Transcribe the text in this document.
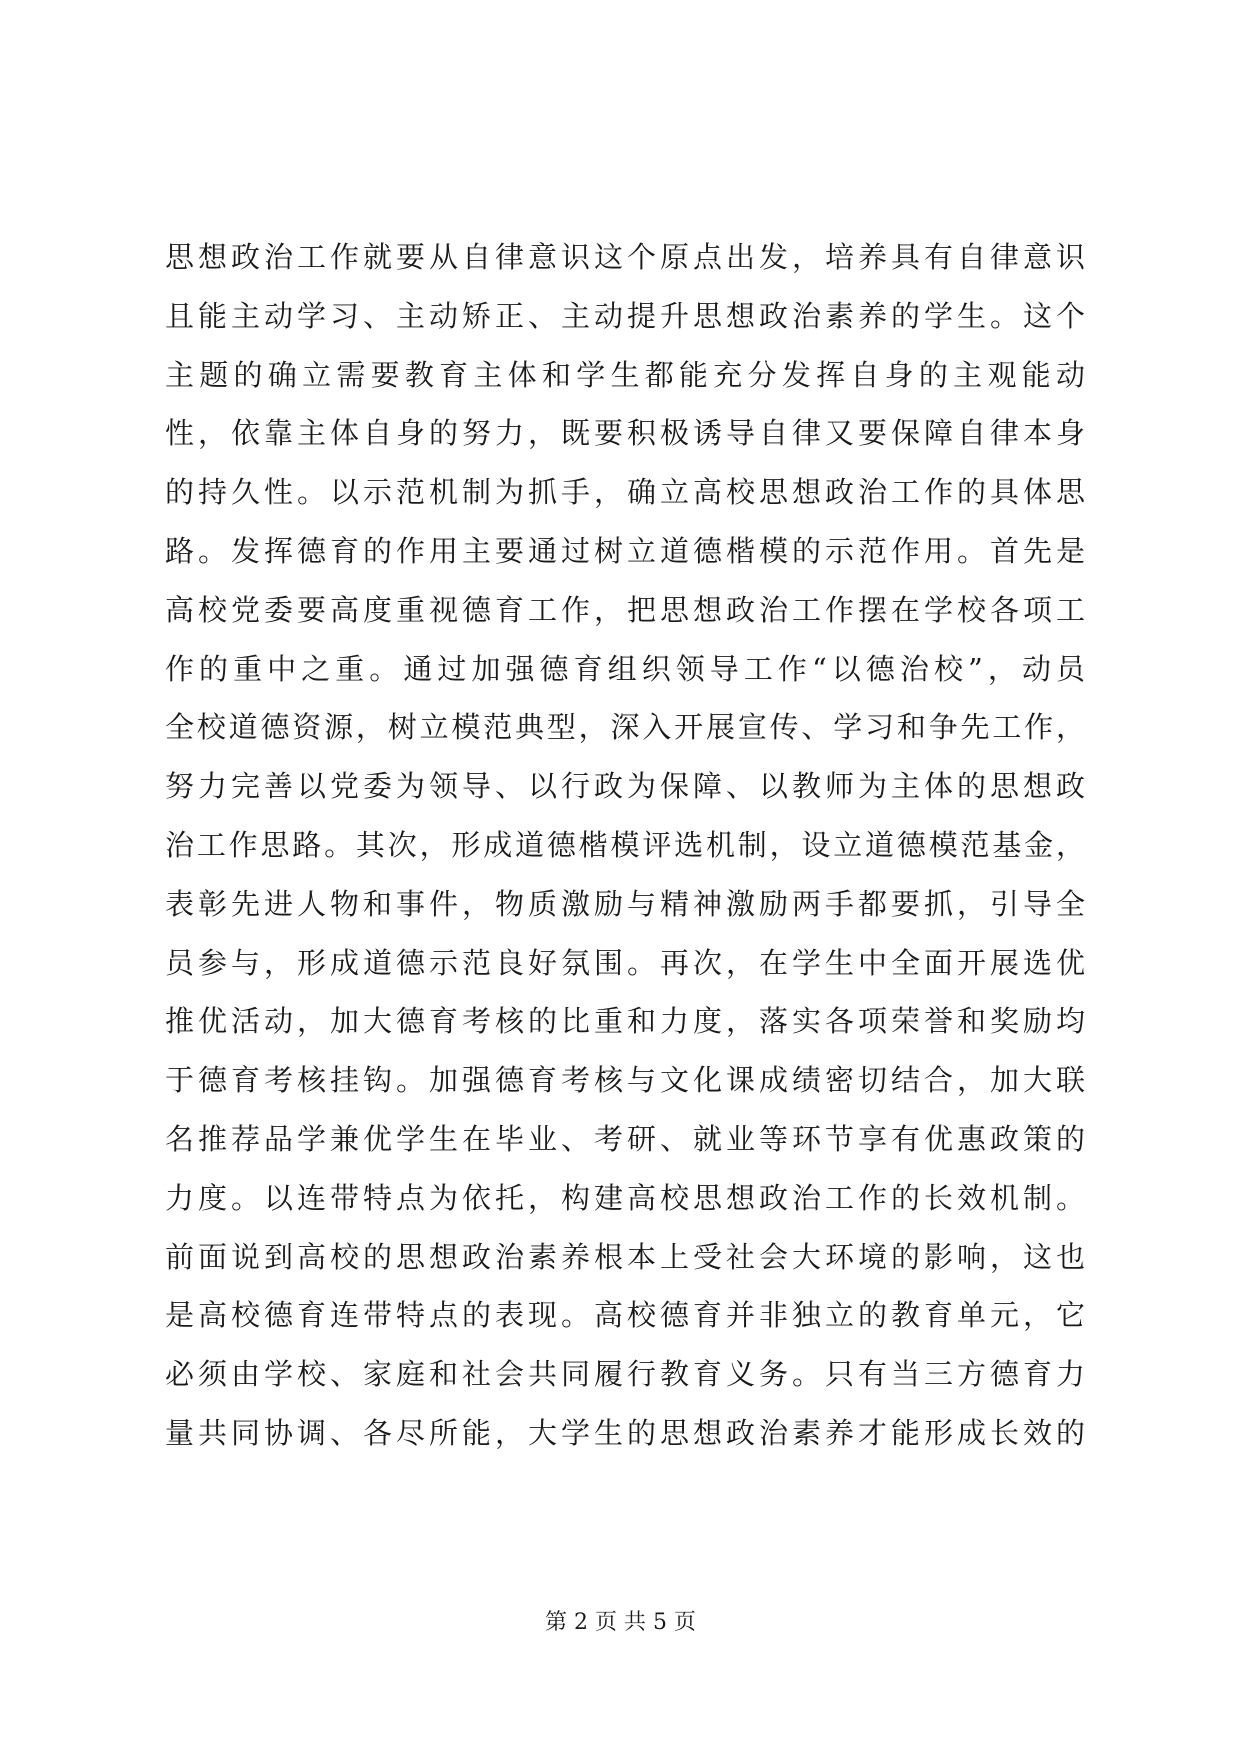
思想政治工作就要从自律意识这个原点出发，培养具有自律意识
且能主动学习、主动矫正、主动提升思想政治素养的学生。这个
主题的确立需要教育主体和学生都能充分发挥自身的主观能动
性，依靠主体自身的努力，既要积极诱导自律又要保障自律本身
的持久性。以示范机制为抓手，确立高校思想政治工作的具体思
路。发挥德育的作用主要通过树立道德楷模的示范作用。首先是
高校党委要高度重视德育工作，把思想政治工作摆在学校各项工
作的重中之重。通过加强德育组织领导工作“以德治校”，动员
全校道德资源，树立模范典型，深入开展宣传、学习和争先工作，
努力完善以党委为领导、以行政为保障、以教师为主体的思想政
治工作思路。其次，形成道德楷模评选机制，设立道德模范基金，
表彰先进人物和事件，物质激励与精神激励两手都要抓，引导全
员参与，形成道德示范良好氛围。再次，在学生中全面开展选优
推优活动，加大德育考核的比重和力度，落实各项荣誉和奖励均
于德育考核挂钩。加强德育考核与文化课成绩密切结合，加大联
名推荐品学兼优学生在毕业、考研、就业等环节享有优惠政策的
力度。以连带特点为依托，构建高校思想政治工作的长效机制。
前面说到高校的思想政治素养根本上受社会大环境的影响，这也
是高校德育连带特点的表现。高校德育并非独立的教育单元，它
必须由学校、家庭和社会共同履行教育义务。只有当三方德育力
量共同协调、各尽所能，大学生的思想政治素养才能形成长效的
第 2 页 共 5 页
